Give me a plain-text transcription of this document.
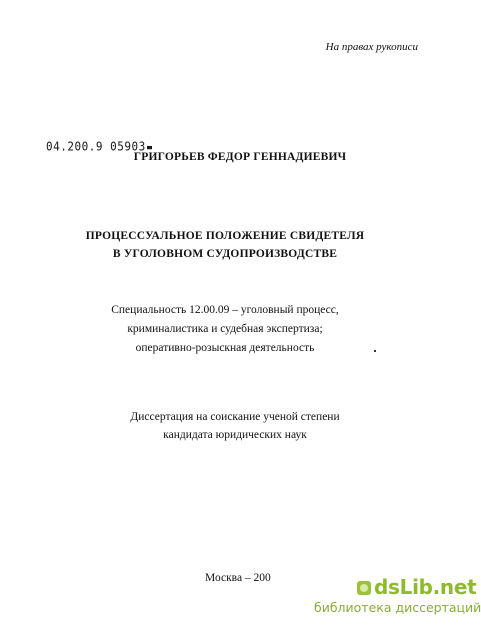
На правах рукописи
04.200.9 05903
ГРИГОРЬЕВ ФЕДОР ГЕННАДИЕВИЧ
ПРОЦЕССУАЛЬНОЕ ПОЛОЖЕНИЕ СВИДЕТЕЛЯ
В УГОЛОВНОМ СУДОПРОИЗВОДСТВЕ
Специальность 12.00.09 – уголовный процесс,
криминалистика и судебная экспертиза;
оперативно-розыскная деятельность
Диссертация на соискание ученой степени
кандидата юридических наук
Москва – 200	dsLib.net
библиотека диссертаций
